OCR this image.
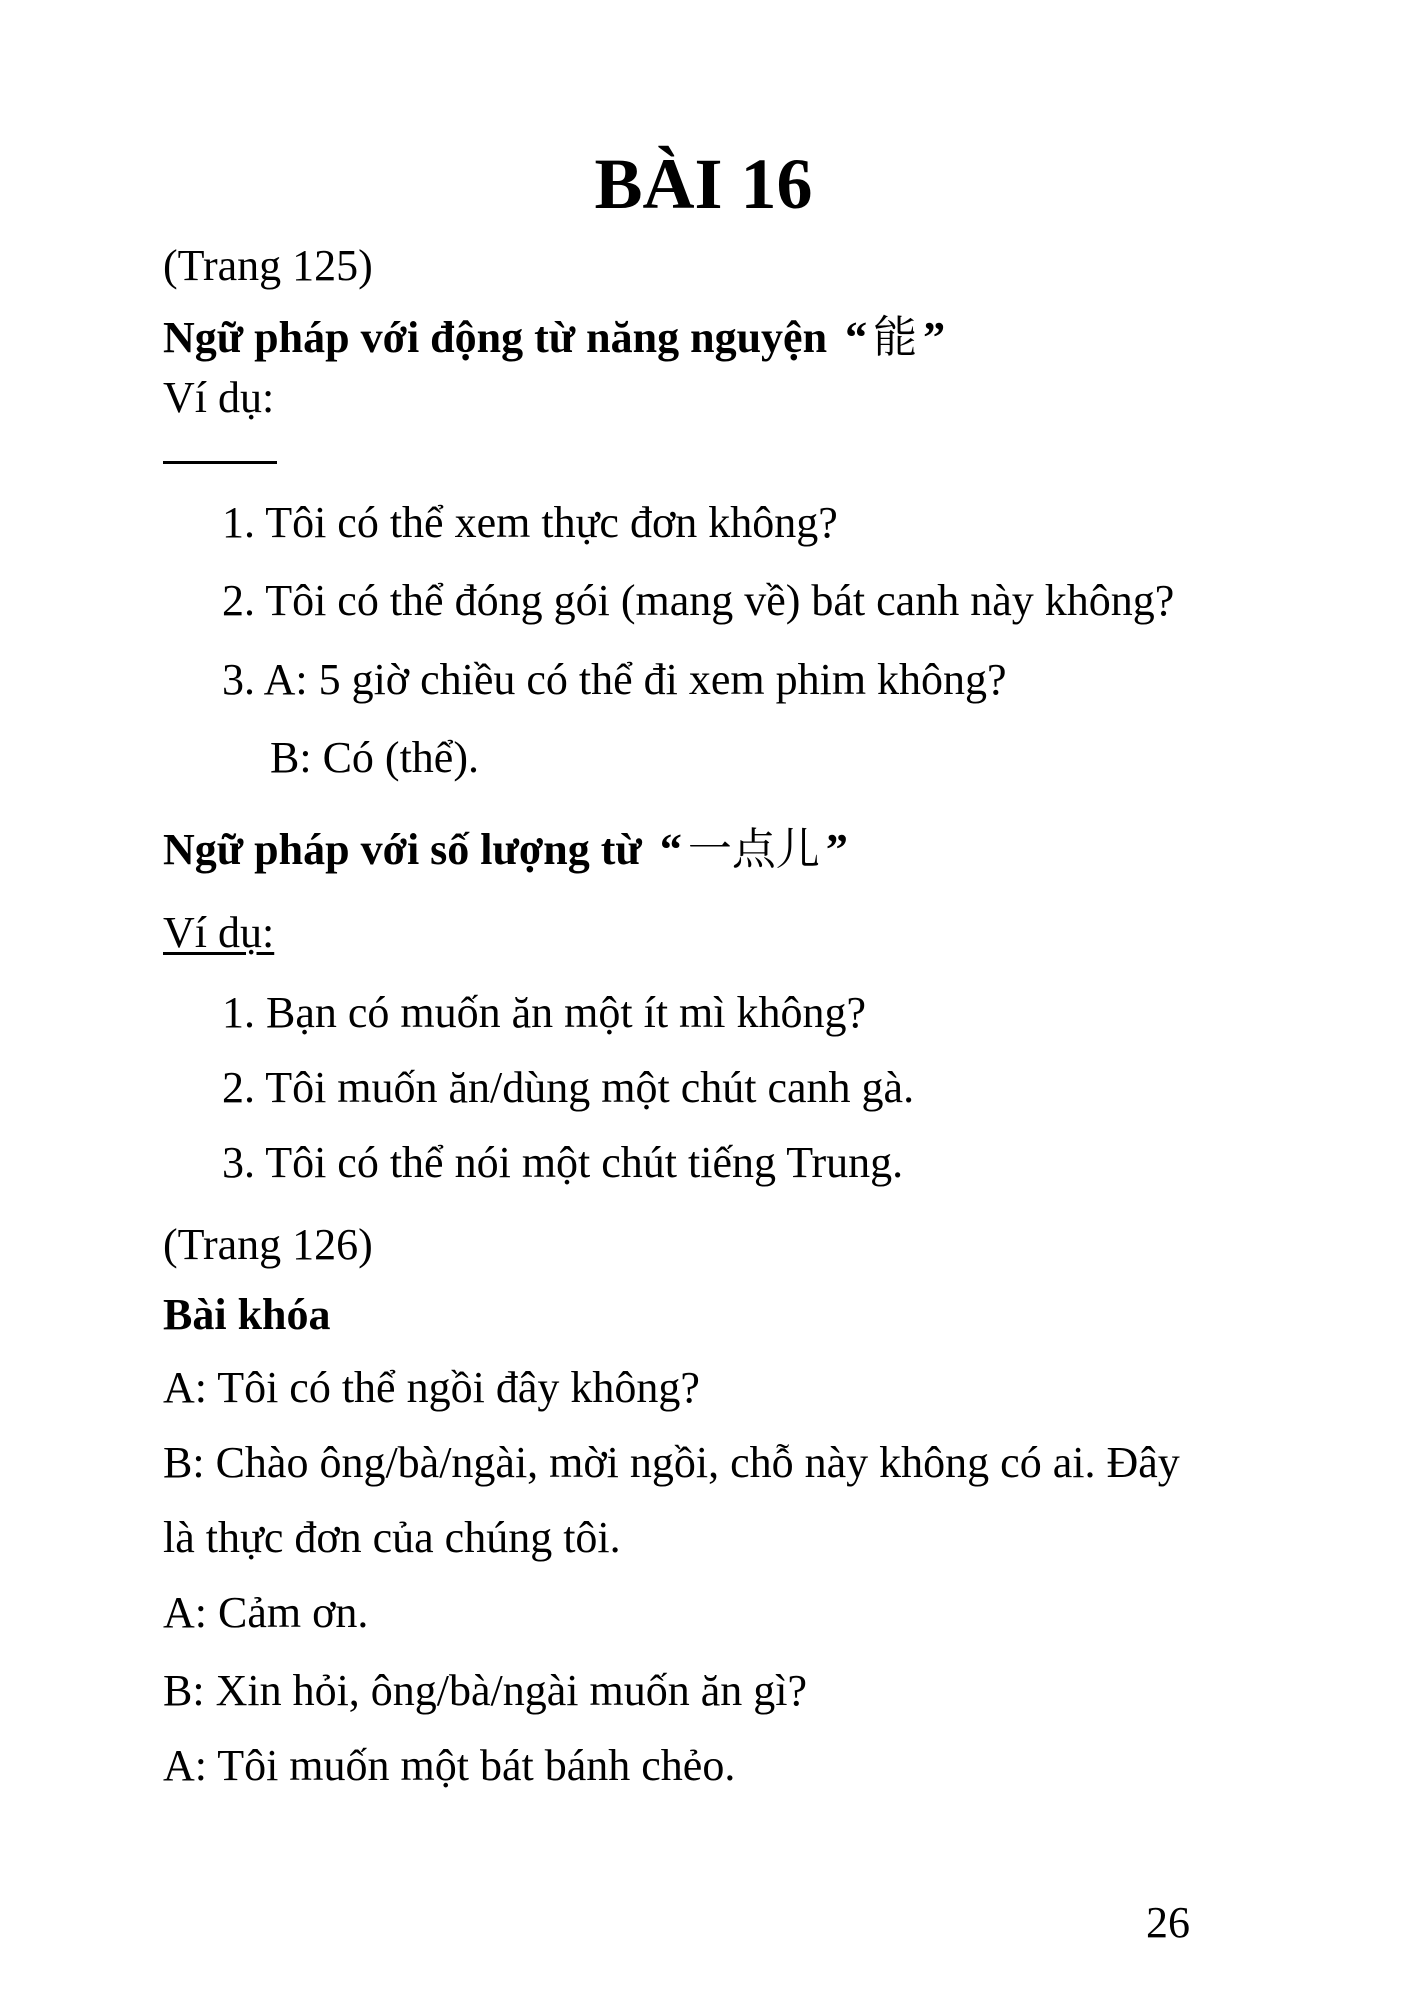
BÀI 16

(Trang 125)

Ngữ pháp với động từ năng nguyện “ 能 ”

Ví dụ:

1. Tôi có thể xem thực đơn không?

2. Tôi có thể đóng gói (mang về) bát canh này không?

3. A: 5 giờ chiều có thể đi xem phim không?

B: Có (thể).

Ngữ pháp với số lượng từ “ 一点儿 ”

Ví dụ:

1. Bạn có muốn ăn một ít mì không?

2. Tôi muốn ăn/dùng một chút canh gà.

3. Tôi có thể nói một chút tiếng Trung.

(Trang 126)

Bài khóa

A: Tôi có thể ngồi đây không?

B: Chào ông/bà/ngài, mời ngồi, chỗ này không có ai. Đây

là thực đơn của chúng tôi.

A: Cảm ơn.

B: Xin hỏi, ông/bà/ngài muốn ăn gì?

A: Tôi muốn một bát bánh chẻo.

26
